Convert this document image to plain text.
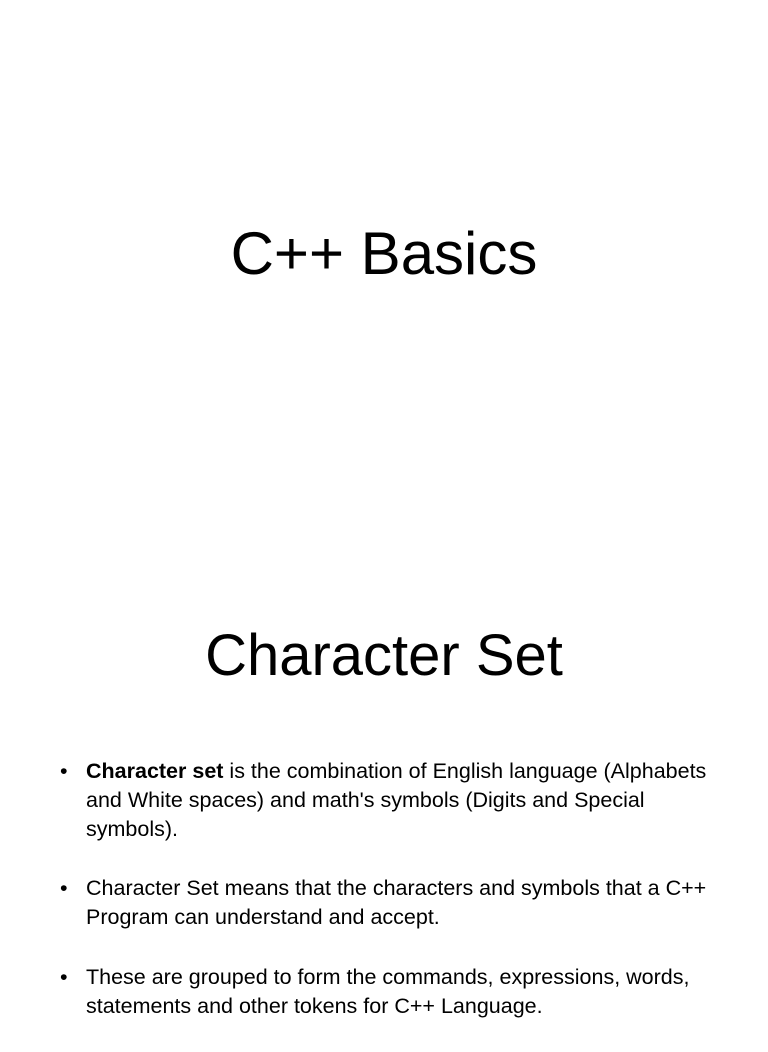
C++ Basics
Character Set
• Character set is the combination of English language (Alphabets and White spaces) and math's symbols (Digits and Special symbols).
• Character Set means that the characters and symbols that a C++ Program can understand and accept.
• These are grouped to form the commands, expressions, words, statements and other tokens for C++ Language.
